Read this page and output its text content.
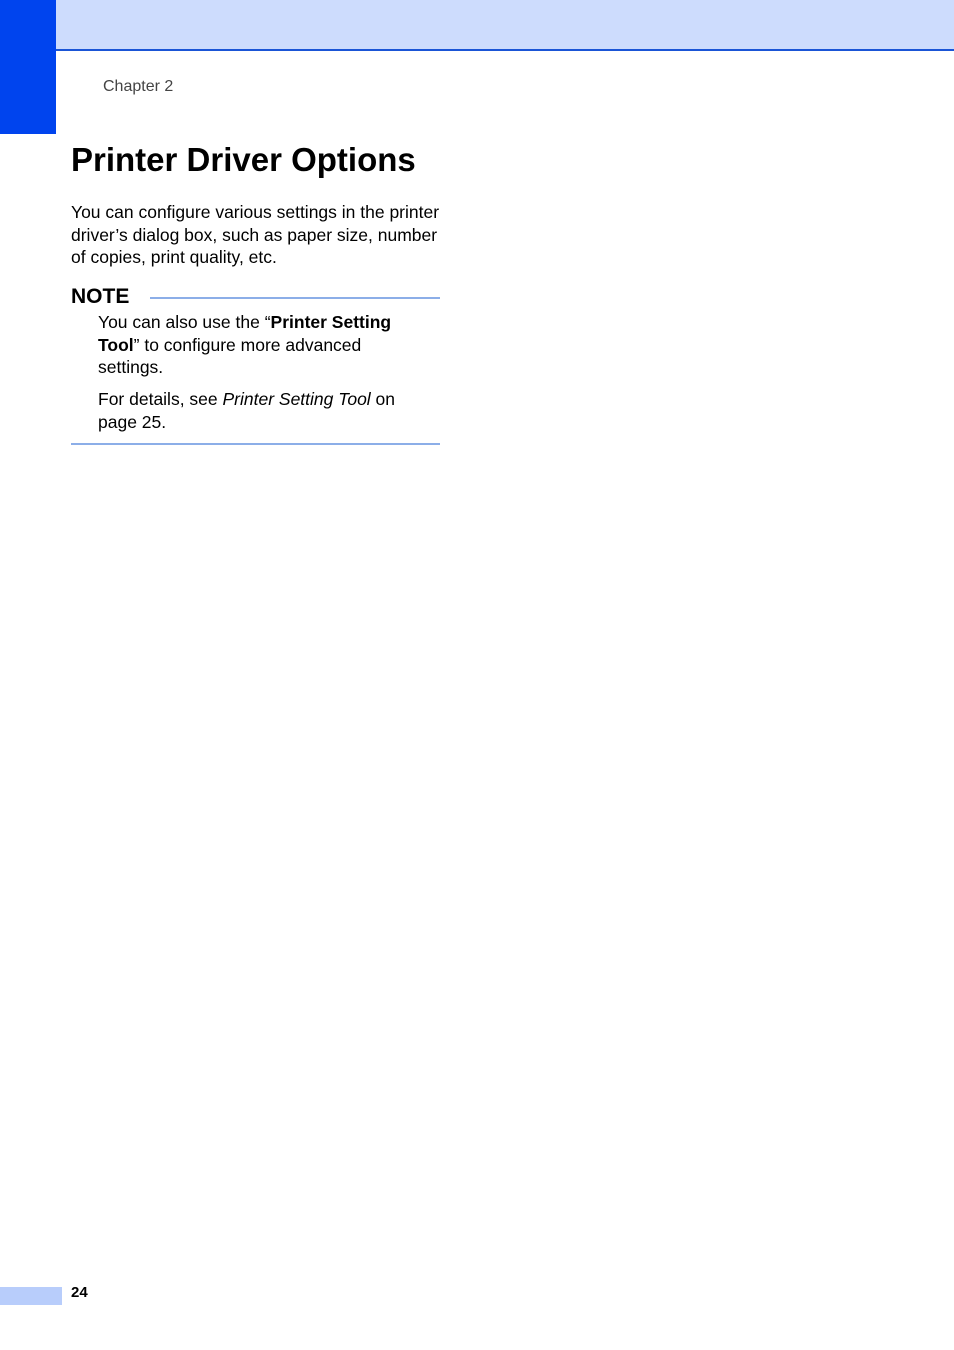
Chapter 2
Printer Driver Options

You can configure various settings in the printer driver’s dialog box, such as paper size, number of copies, print quality, etc.

NOTE

You can also use the “Printer Setting Tool” to configure more advanced settings.

For details, see Printer Setting Tool on page 25.

24
